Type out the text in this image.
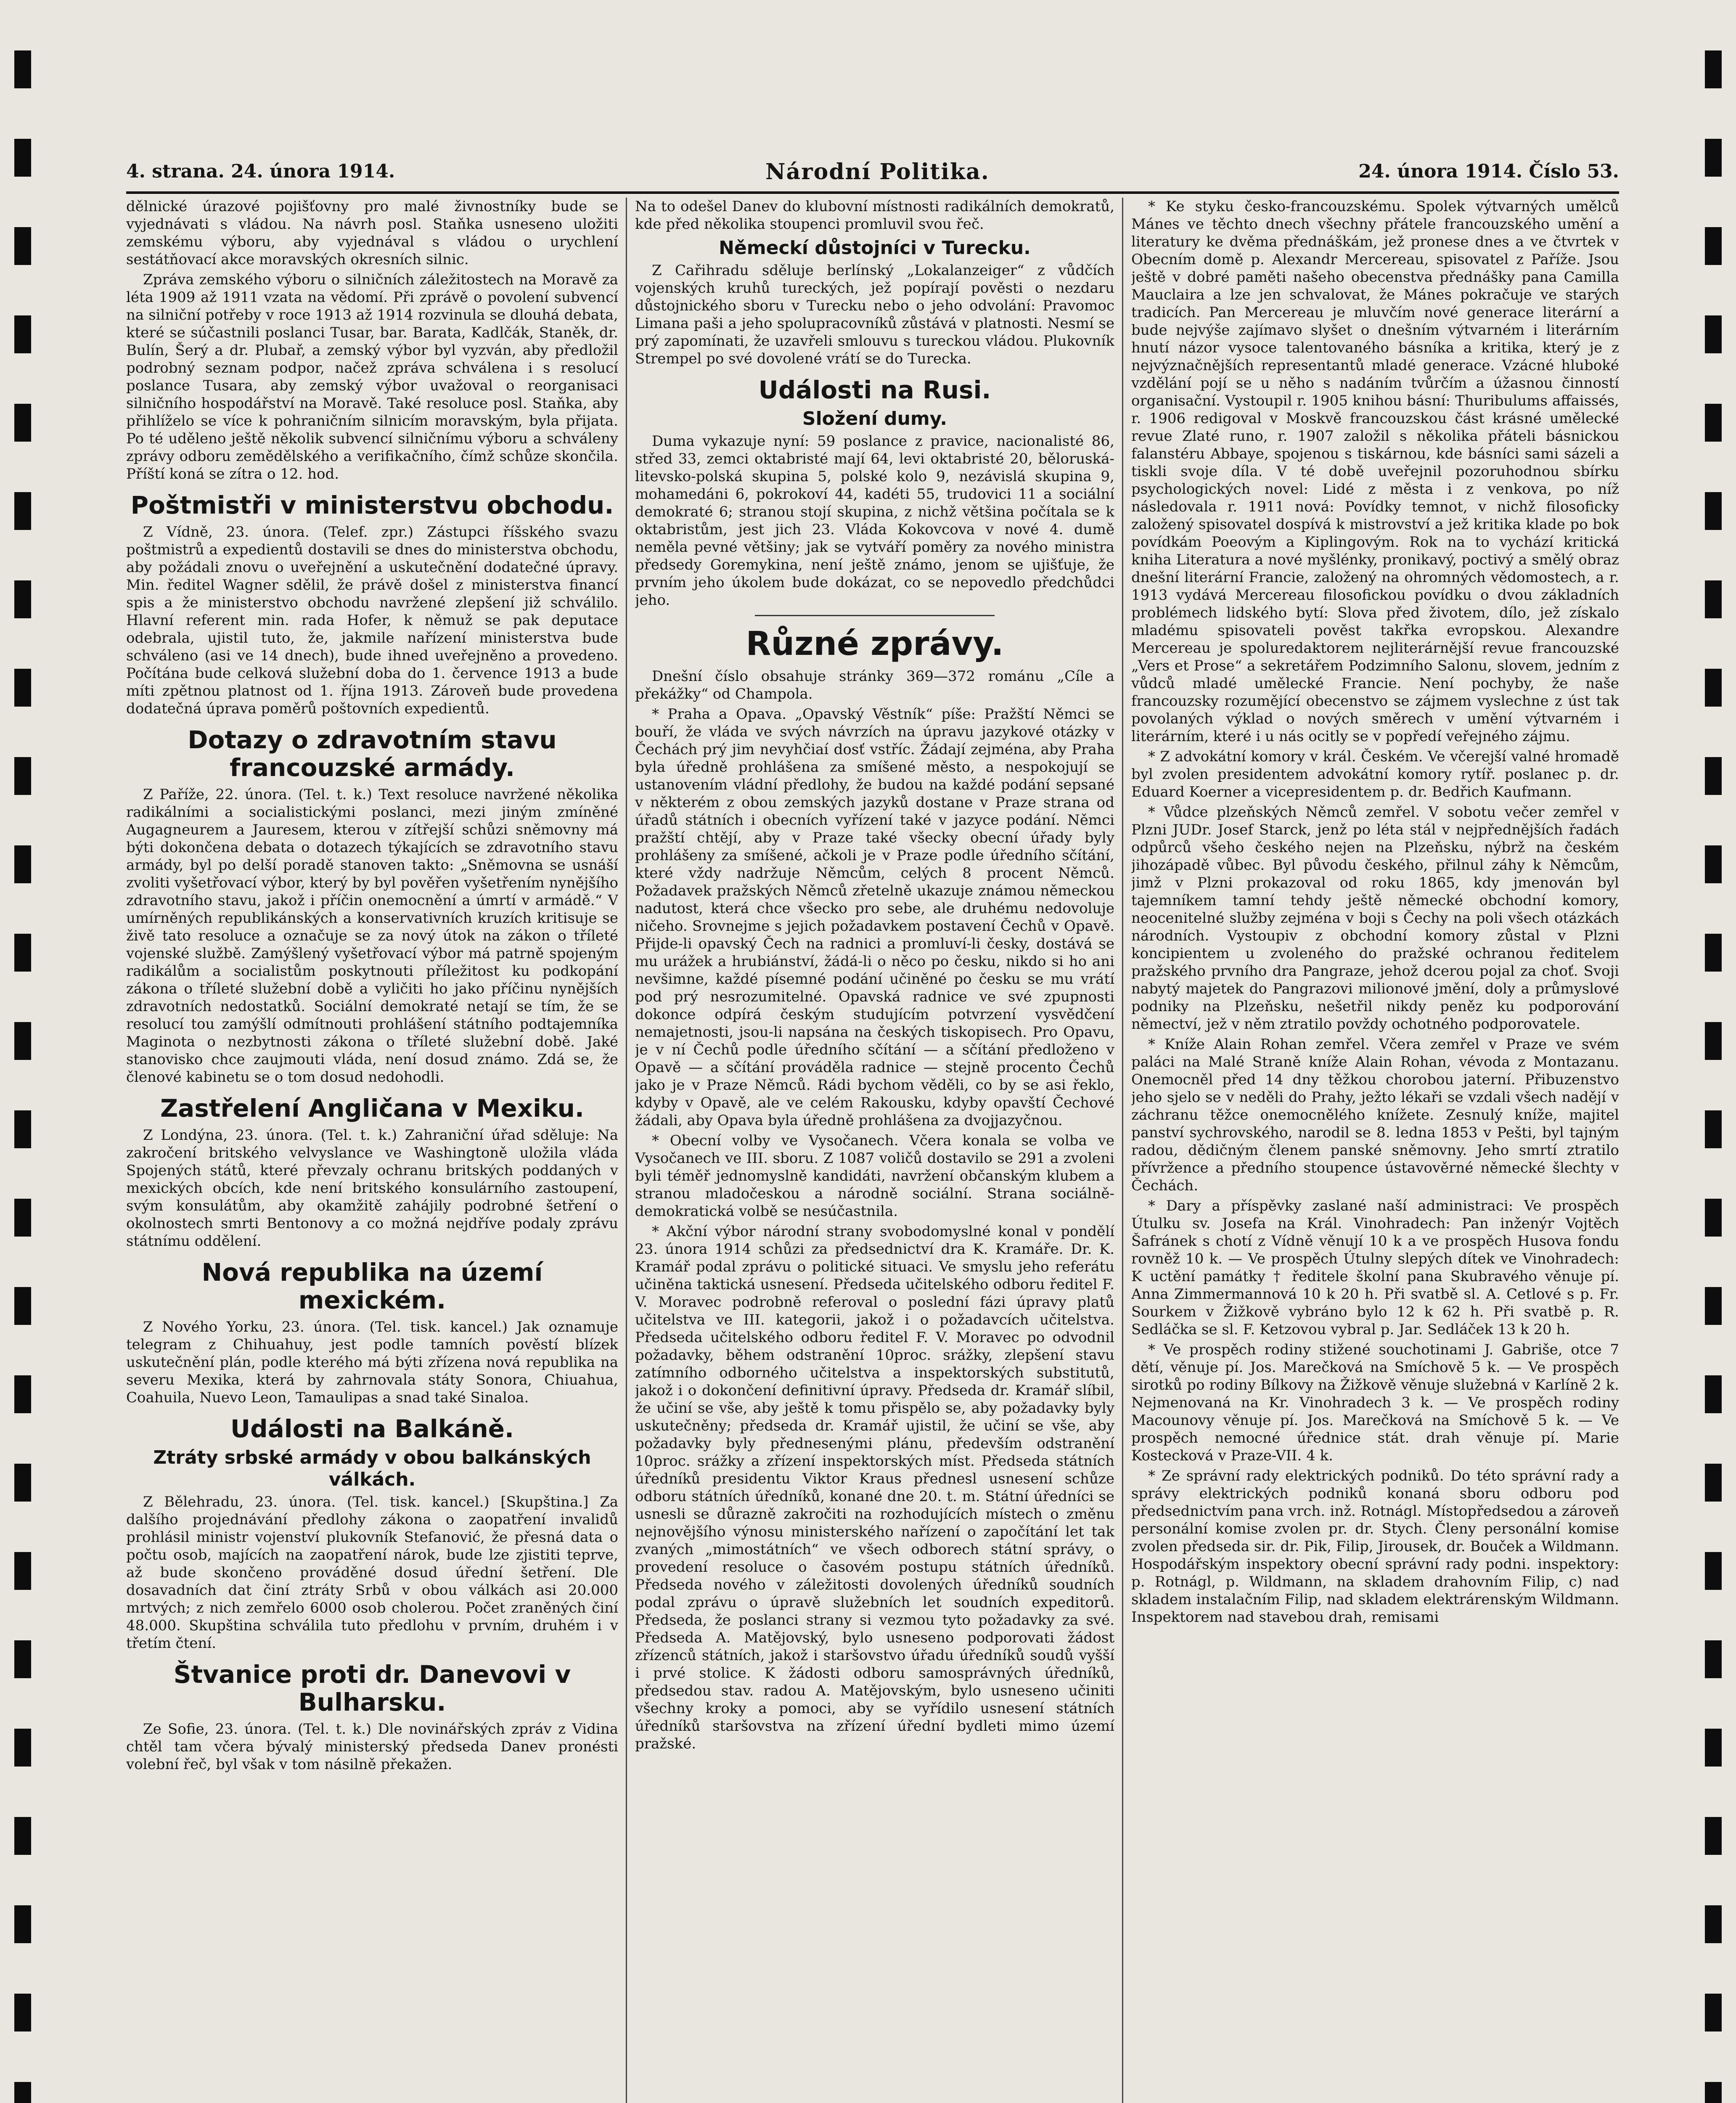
4. strana. 24. února 1914.	Národní Politika.	24. února 1914. Číslo 53.

dělnické úrazové pojišťovny pro malé živnostníky bude se vyjednávati s vládou. Na návrh posl. Staňka usneseno uložiti zemskému výboru, aby vyjednával s vládou o urychlení sestátňovací akce moravských okresních silnic.

Zpráva zemského výboru o silničních záležitostech na Moravě za léta 1909 až 1911 vzata na vědomí. Při zprávě o povolení subvencí na silniční potřeby v roce 1913 až 1914 rozvinula se dlouhá debata, které se súčastnili poslanci Tusar, bar. Barata, Kadlčák, Staněk, dr. Bulín, Šerý a dr. Plubař, a zemský výbor byl vyzván, aby předložil podrobný seznam podpor, načež zpráva schválena i s resolucí poslance Tusara, aby zemský výbor uvažoval o reorganisaci silničního hospodářství na Moravě. Také resoluce posl. Staňka, aby přihlíželo se více k pohraničním silnicím moravským, byla přijata. Po té uděleno ještě několik subvencí silničnímu výboru a schváleny zprávy odboru zemědělského a verifikačního, čímž schůze skončila. Příští koná se zítra o 12. hod.

Poštmistři v ministerstvu obchodu.

Z Vídně, 23. února. (Telef. zpr.) Zástupci říšského svazu poštmistrů a expedientů dostavili se dnes do ministerstva obchodu, aby požádali znovu o uveřejnění a uskutečnění dodatečné úpravy. Min. ředitel Wagner sdělil, že právě došel z ministerstva financí spis a že ministerstvo obchodu navržené zlepšení již schválilo. Hlavní referent min. rada Hofer, k němuž se pak deputace odebrala, ujistil tuto, že, jakmile nařízení ministerstva bude schváleno (asi ve 14 dnech), bude ihned uveřejněno a provedeno. Počítána bude celková služební doba do 1. července 1913 a bude míti zpětnou platnost od 1. října 1913. Zároveň bude provedena dodatečná úprava poměrů poštovních expedientů.

Dotazy o zdravotním stavu francouzské armády.

Z Paříže, 22. února. (Tel. t. k.) Text resoluce navržené několika radikálními a socialistickými poslanci, mezi jiným zmíněné Augagneurem a Jauresem, kterou v zítřejší schůzi sněmovny má býti dokončena debata o dotazech týkajících se zdravotního stavu armády, byl po delší poradě stanoven takto: „Sněmovna se usnáší zvoliti vyšetřovací výbor, který by byl pověřen vyšetřením nynějšího zdravotního stavu, jakož i příčin onemocnění a úmrtí v armádě.“ V umírněných republikánských a konservativních kruzích kritisuje se živě tato resoluce a označuje se za nový útok na zákon o tříleté vojenské službě. Zamýšlený vyšetřovací výbor má patrně spojeným radikálům a socialistům poskytnouti příležitost ku podkopání zákona o tříleté služební době a vyličiti ho jako příčinu nynějších zdravotních nedostatků. Sociální demokraté netají se tím, že se resolucí tou zamýšlí odmítnouti prohlášení státního podtajemníka Maginota o nezbytnosti zákona o tříleté služební době. Jaké stanovisko chce zaujmouti vláda, není dosud známo. Zdá se, že členové kabinetu se o tom dosud nedohodli.

Zastřelení Angličana v Mexiku.

Z Londýna, 23. února. (Tel. t. k.) Zahraniční úřad sděluje: Na zakročení britského velvyslance ve Washingtoně uložila vláda Spojených států, které převzaly ochranu britských poddaných v mexických obcích, kde není britského konsulárního zastoupení, svým konsulátům, aby okamžitě zahájily podrobné šetření o okolnostech smrti Bentonovy a co možná nejdříve podaly zprávu státnímu oddělení.

Nová republika na území mexickém.

Z Nového Yorku, 23. února. (Tel. tisk. kancel.) Jak oznamuje telegram z Chihuahuy, jest podle tamních pověstí blízek uskutečnění plán, podle kterého má býti zřízena nová republika na severu Mexika, která by zahrnovala státy Sonora, Chiuahua, Coahuila, Nuevo Leon, Tamaulipas a snad také Sinaloa.

Události na Balkáně.
Ztráty srbské armády v obou balkánských válkách.

Z Bělehradu, 23. února. (Tel. tisk. kancel.) [Skupština.] Za dalšího projednávání předlohy zákona o zaopatření invalidů prohlásil ministr vojenství plukovník Stefanović, že přesná data o počtu osob, majících na zaopatření nárok, bude lze zjistiti teprve, až bude skončeno prováděné dosud úřední šetření. Dle dosavadních dat činí ztráty Srbů v obou válkách asi 20.000 mrtvých; z nich zemřelo 6000 osob cholerou. Počet zraněných činí 48.000. Skupština schválila tuto předlohu v prvním, druhém i v třetím čtení.

Štvanice proti dr. Danevovi v Bulharsku.

Ze Sofie, 23. února. (Tel. t. k.) Dle novinářských zpráv z Vidina chtěl tam včera bývalý ministerský předseda Danev pronésti volební řeč, byl však v tom násilně překažen.

Na to odešel Danev do klubovní místnosti radikálních demokratů, kde před několika stoupenci promluvil svou řeč.

Německí důstojníci v Turecku.

Z Cařihradu sděluje berlínský „Lokalanzeiger“ z vůdčích vojenských kruhů tureckých, jež popírají pověsti o nezdaru důstojnického sboru v Turecku nebo o jeho odvolání: Pravomoc Limana paši a jeho spolupracovníků zůstává v platnosti. Nesmí se prý zapomínati, že uzavřeli smlouvu s tureckou vládou. Plukovník Strempel po své dovolené vrátí se do Turecka.

Události na Rusi.
Složení dumy.

Duma vykazuje nyní: 59 poslance z pravice, nacionalisté 86, střed 33, zemci oktabristé mají 64, levi oktabristé 20, běloruská-litevsko-polská skupina 5, polské kolo 9, nezávislá skupina 9, mohamedáni 6, pokrokoví 44, kadéti 55, trudovici 11 a sociální demokraté 6; stranou stojí skupina, z nichž většina počítala se k oktabristům, jest jich 23. Vláda Kokovcova v nové 4. dumě neměla pevné většiny; jak se vytváří poměry za nového ministra předsedy Goremykina, není ještě známo, jenom se ujišťuje, že prvním jeho úkolem bude dokázat, co se nepovedlo předchůdci jeho.

Různé zprávy.

Dnešní číslo obsahuje stránky 369—372 románu „Cíle a překážky“ od Champola.

* Praha a Opava. „Opavský Věstník“ píše: Pražští Němci se bouří, že vláda ve svých návrzích na úpravu jazykové otázky v Čechách prý jim nevyhčiaí dosť vstříc. Žádají zejména, aby Praha byla úředně prohlášena za smíšené město, a nespokojují se ustanovením vládní předlohy, že budou na každé podání sepsané v některém z obou zemských jazyků dostane v Praze strana od úřadů státních i obecních vyřízení také v jazyce podání. Němci pražští chtějí, aby v Praze také všecky obecní úřady byly prohlášeny za smíšené, ačkoli je v Praze podle úředního sčítání, které vždy nadržuje Němcům, celých 8 procent Němců. Požadavek pražských Němců zřetelně ukazuje známou německou nadutost, která chce všecko pro sebe, ale druhému nedovoluje ničeho. Srovnejme s jejich požadavkem postavení Čechů v Opavě. Přijde-li opavský Čech na radnici a promluví-li česky, dostává se mu urážek a hrubiánství, žádá-li o něco po česku, nikdo si ho ani nevšimne, každé písemné podání učiněné po česku se mu vrátí pod prý nesrozumitelné. Opavská radnice ve své zpupnosti dokonce odpírá českým studujícím potvrzení vysvědčení nemajetnosti, jsou-li napsána na českých tiskopisech. Pro Opavu, je v ní Čechů podle úředního sčítání — a sčítání předloženo v Opavě — a sčítání prováděla radnice — stejně procento Čechů jako je v Praze Němců. Rádi bychom věděli, co by se asi řeklo, kdyby v Opavě, ale ve celém Rakousku, kdyby opavští Čechové žádali, aby Opava byla úředně prohlášena za dvojjazyčnou.

* Obecní volby ve Vysočanech. Včera konala se volba ve Vysočanech ve III. sboru. Z 1087 voličů dostavilo se 291 a zvoleni byli téměř jednomyslně kandidáti, navržení občanským klubem a stranou mladočeskou a národně sociální. Strana sociálně-demokratická volbě se nesúčastnila.

* Akční výbor národní strany svobodomyslné konal v pondělí 23. února 1914 schůzi za předsednictví dra K. Kramáře. Dr. K. Kramář podal zprávu o politické situaci. Ve smyslu jeho referátu učiněna taktická usnesení. Předseda učitelského odboru ředitel F. V. Moravec podrobně referoval o poslední fázi úpravy platů učitelstva ve III. kategorii, jakož i o požadavcích učitelstva. Předseda učitelského odboru ředitel F. V. Moravec po odvodnil požadavky, během odstranění 10proc. srážky, zlepšení stavu zatímního odborného učitelstva a inspektorských substitutů, jakož i o dokončení definitivní úpravy. Předseda dr. Kramář slíbil, že učiní se vše, aby ještě k tomu přispělo se, aby požadavky byly uskutečněny; předseda dr. Kramář ujistil, že učiní se vše, aby požadavky byly přednesenými plánu, především odstranění 10proc. srážky a zřízení inspektorských míst. Předseda státních úředníků presidentu Viktor Kraus přednesl usnesení schůze odboru státních úředníků, konané dne 20. t. m. Státní úředníci se usnesli se důrazně zakročiti na rozhodujících místech o změnu nejnovějšího výnosu ministerského nařízení o započítání let tak zvaných „mimostátních“ ve všech odborech státní správy, o provedení resoluce o časovém postupu státních úředníků. Předseda nového v záležitosti dovolených úředníků soudních podal zprávu o úpravě služebních let soudních expeditorů. Předseda, že poslanci strany si vezmou tyto požadavky za své. Předseda A. Matějovský, bylo usneseno podporovati žádost zřízenců státních, jakož i staršovstvo úřadu úředníků soudů vyšší i prvé stolice. K žádosti odboru samosprávných úředníků, předsedou stav. radou A. Matějovským, bylo usneseno učiniti všechny kroky a pomoci, aby se vyřídilo usnesení státních úředníků staršovstva na zřízení úřední bydleti mimo území pražské.

* Ke styku česko-francouzskému. Spolek výtvarných umělců Mánes ve těchto dnech všechny přátele francouzského umění a literatury ke dvěma přednáškám, jež pronese dnes a ve čtvrtek v Obecním domě p. Alexandr Mercereau, spisovatel z Paříže. Jsou ještě v dobré paměti našeho obecenstva přednášky pana Camilla Mauclaira a lze jen schvalovat, že Mánes pokračuje ve starých tradicích. Pan Mercereau je mluvčím nové generace literární a bude nejvýše zajímavo slyšet o dnešním výtvarném i literárním hnutí názor vysoce talentovaného básníka a kritika, který je z nejvýznačnějších representantů mladé generace. Vzácné hluboké vzdělání pojí se u něho s nadáním tvůrčím a úžasnou činností organisační. Vystoupil r. 1905 knihou básní: Thuribulums affaissés, r. 1906 redigoval v Moskvě francouzskou část krásné umělecké revue Zlaté runo, r. 1907 založil s několika přáteli básnickou falanstéru Abbaye, spojenou s tiskárnou, kde básníci sami sázeli a tiskli svoje díla. V té době uveřejnil pozoruhodnou sbírku psychologických novel: Lidé z města i z venkova, po níž následovala r. 1911 nová: Povídky temnot, v nichž filosoficky založený spisovatel dospívá k mistrovství a jež kritika klade po bok povídkám Poeovým a Kiplingovým. Rok na to vychází kritická kniha Literatura a nové myšlénky, pronikavý, poctivý a smělý obraz dnešní literární Francie, založený na ohromných vědomostech, a r. 1913 vydává Mercereau filosofickou povídku o dvou základních problémech lidského bytí: Slova před životem, dílo, jež získalo mladému spisovateli pověst takřka evropskou. Alexandre Mercereau je spoluredaktorem nejliterárnější revue francouzské „Vers et Prose“ a sekretářem Podzimního Salonu, slovem, jedním z vůdců mladé umělecké Francie. Není pochyby, že naše francouzsky rozumějící obecenstvo se zájmem vyslechne z úst tak povolaných výklad o nových směrech v umění výtvarném i literárním, které i u nás ocitly se v popředí veřejného zájmu.

* Z advokátní komory v král. Českém. Ve včerejší valné hromadě byl zvolen presidentem advokátní komory rytíř. poslanec p. dr. Eduard Koerner a vicepresidentem p. dr. Bedřich Kaufmann.

* Vůdce plzeňských Němců zemřel. V sobotu večer zemřel v Plzni JUDr. Josef Starck, jenž po léta stál v nejpřednějších řadách odpůrců všeho českého nejen na Plzeňsku, nýbrž na českém jihozápadě vůbec. Byl původu českého, přilnul záhy k Němcům, jimž v Plzni prokazoval od roku 1865, kdy jmenován byl tajemníkem tamní tehdy ještě německé obchodní komory, neocenitelné služby zejména v boji s Čechy na poli všech otázkách národních. Vystoupiv z obchodní komory zůstal v Plzni koncipientem u zvoleného do pražské ochranou ředitelem pražského prvního dra Pangraze, jehož dcerou pojal za choť. Svoji nabytý majetek do Pangrazovi milionové jmění, doly a průmyslové podniky na Plzeňsku, nešetřil nikdy peněz ku podporování němectví, jež v něm ztratilo povždy ochotného podporovatele.

* Kníže Alain Rohan zemřel. Včera zemřel v Praze ve svém paláci na Malé Straně kníže Alain Rohan, vévoda z Montazanu. Onemocněl před 14 dny těžkou chorobou jaterní. Přibuzenstvo jeho sjelo se v neděli do Prahy, ježto lékaři se vzdali všech nadějí v záchranu těžce onemocnělého knížete. Zesnulý kníže, majitel panství sychrovského, narodil se 8. ledna 1853 v Pešti, byl tajným radou, dědičným členem panské sněmovny. Jeho smrtí ztratilo přívržence a předního stoupence ústavověrné německé šlechty v Čechách.

* Dary a příspěvky zaslané naší administraci: Ve prospěch Útulku sv. Josefa na Král. Vinohradech: Pan inženýr Vojtěch Šafránek s chotí z Vídně věnují 10 k a ve prospěch Husova fondu rovněž 10 k. — Ve prospěch Útulny slepých dítek ve Vinohradech: K uctění památky † ředitele školní pana Skubravého věnuje pí. Anna Zimmermannová 10 k 20 h. Při svatbě sl. A. Cetlové s p. Fr. Sourkem v Žižkově vybráno bylo 12 k 62 h. Při svatbě p. R. Sedláčka se sl. F. Ketzovou vybral p. Jar. Sedláček 13 k 20 h.

* Ve prospěch rodiny stižené souchotinami J. Gabriše, otce 7 dětí, věnuje pí. Jos. Marečková na Smíchově 5 k. — Ve prospěch sirotků po rodiny Bílkovy na Žižkově věnuje služebná v Karlíně 2 k. Nejmenovaná na Kr. Vinohradech 3 k. — Ve prospěch rodiny Macounovy věnuje pí. Jos. Marečková na Smíchově 5 k. — Ve prospěch nemocné úřednice stát. drah věnuje pí. Marie Kostecková v Praze-VII. 4 k.

* Ze správní rady elektrických podniků. Do této správní rady a správy elektrických podniků konaná sboru odboru pod předsednictvím pana vrch. inž. Rotnágl. Místopředsedou a zároveň personální komise zvolen pr. dr. Stych. Členy personální komise zvolen předseda sir. dr. Pik, Filip, Jirousek, dr. Bouček a Wildmann. Hospodářským inspektory obecní správní rady podni. inspektory: p. Rotnágl, p. Wildmann, na skladem drahovním Filip, c) nad skladem instalačním Filip, nad skladem elektrárenským Wildmann. Inspektorem nad stavebou drah, remisami
